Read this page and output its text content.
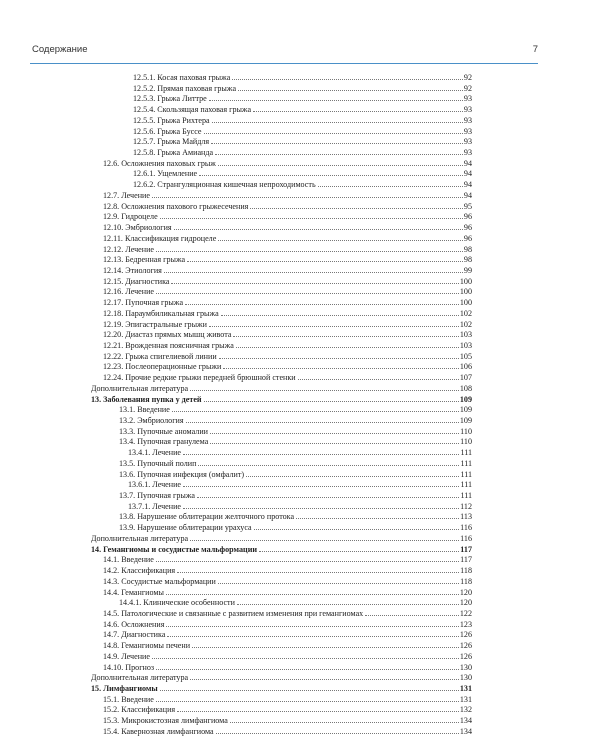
Содержание	7
12.5.1. Косая паховая грыжа	92
12.5.2. Прямая паховая грыжа	92
12.5.3. Грыжа Литтре	93
12.5.4. Скользящая паховая грыжа	93
12.5.5. Грыжа Рихтера	93
12.5.6. Грыжа Буссе	93
12.5.7. Грыжа Майдля	93
12.5.8. Грыжа Амианда	93
12.6. Осложнения паховых грыж	94
12.6.1. Ущемление	94
12.6.2. Странгуляционная кишечная непроходимость	94
12.7. Лечение	94
12.8. Осложнения пахового грыжесечения	95
12.9. Гидроцеле	96
12.10. Эмбриология	96
12.11. Классификация гидроцеле	96
12.12. Лечение	98
12.13. Бедренная грыжа	98
12.14. Этиология	99
12.15. Диагностика	100
12.16. Лечение	100
12.17. Пупочная грыжа	100
12.18. Параумбиликальная грыжа	102
12.19. Эпигастральные грыжи	102
12.20. Диастаз прямых мышц живота	103
12.21. Врожденная поясничная грыжа	103
12.22. Грыжа спигелиевой линии	105
12.23. Послеоперационные грыжи	106
12.24. Прочие редкие грыжи передней брюшной стенки	107
Дополнительная литература	108
13. Заболевания пупка у детей	109
13.1. Введение	109
13.2. Эмбриология	109
13.3. Пупочные аномалии	110
13.4. Пупочная гранулема	110
13.4.1. Лечение	111
13.5. Пупочный полип	111
13.6. Пупочная инфекция (омфалит)	111
13.6.1. Лечение	111
13.7. Пупочная грыжа	111
13.7.1. Лечение	112
13.8. Нарушение облитерации желточного протока	113
13.9. Нарушение облитерации урахуса	116
Дополнительная литература	116
14. Гемангиомы и сосудистые мальформации	117
14.1. Введение	117
14.2. Классификация	118
14.3. Сосудистые мальформации	118
14.4. Гемангиомы	120
14.4.1. Клинические особенности	120
14.5. Патологические и связанные с развитием изменения при гемангиомах	122
14.6. Осложнения	123
14.7. Диагностика	126
14.8. Гемангиомы печени	126
14.9. Лечение	126
14.10. Прогноз	130
Дополнительная литература	130
15. Лимфангиомы	131
15.1. Введение	131
15.2. Классификация	132
15.3. Микрокистозная лимфангиома	134
15.4. Кавернозная лимфангиома	134
